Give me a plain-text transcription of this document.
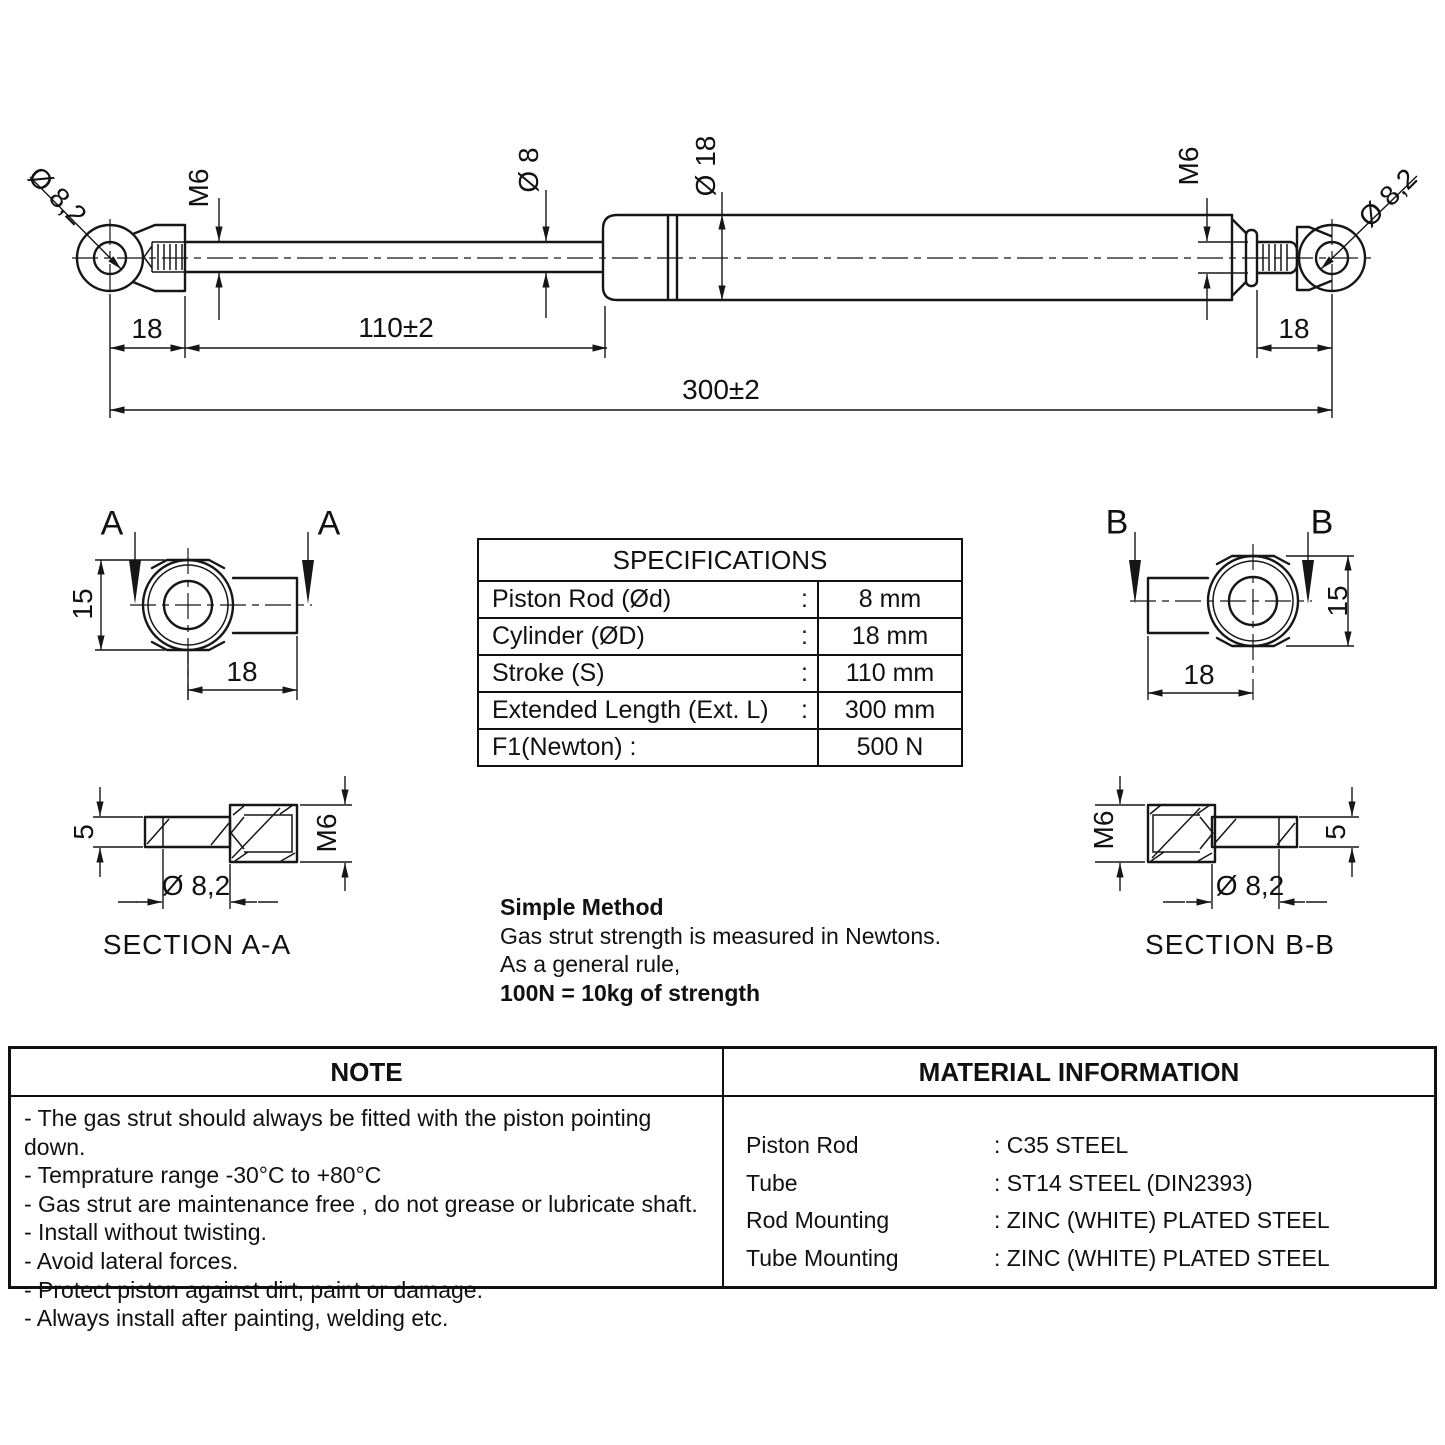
Ø 8,2	M6	Ø 8	Ø 18	M6	Ø 8,2
18	110±2
300±2
18
A	A
15
18
B	B
15
18
5	M6
Ø 8,2
SECTION A-A
M6	5
Ø 8,2
SECTION B-B
SPECIFICATIONS
Piston Rod (Ød)	:	8 mm
Cylinder (ØD)	:	18 mm
Stroke (S)	:	110 mm
Extended Length (Ext. L) :	300 mm
F1(Newton) :	500 N
Simple Method
Gas strut strength is measured in Newtons.
As a general rule,
100N = 10kg of strength
NOTE
- The gas strut should always be fitted with the piston pointing down.
- Temprature range -30°C to +80°C
- Gas strut are maintenance free , do not grease or lubricate shaft.
- Install without twisting.
- Avoid lateral forces.
- Protect piston against dirt, paint or damage.
- Always install after painting, welding etc.
MATERIAL INFORMATION
Piston Rod	: C35 STEEL
Tube	: ST14 STEEL (DIN2393)
Rod Mounting	: ZINC (WHITE) PLATED STEEL
Tube Mounting	: ZINC (WHITE) PLATED STEEL
